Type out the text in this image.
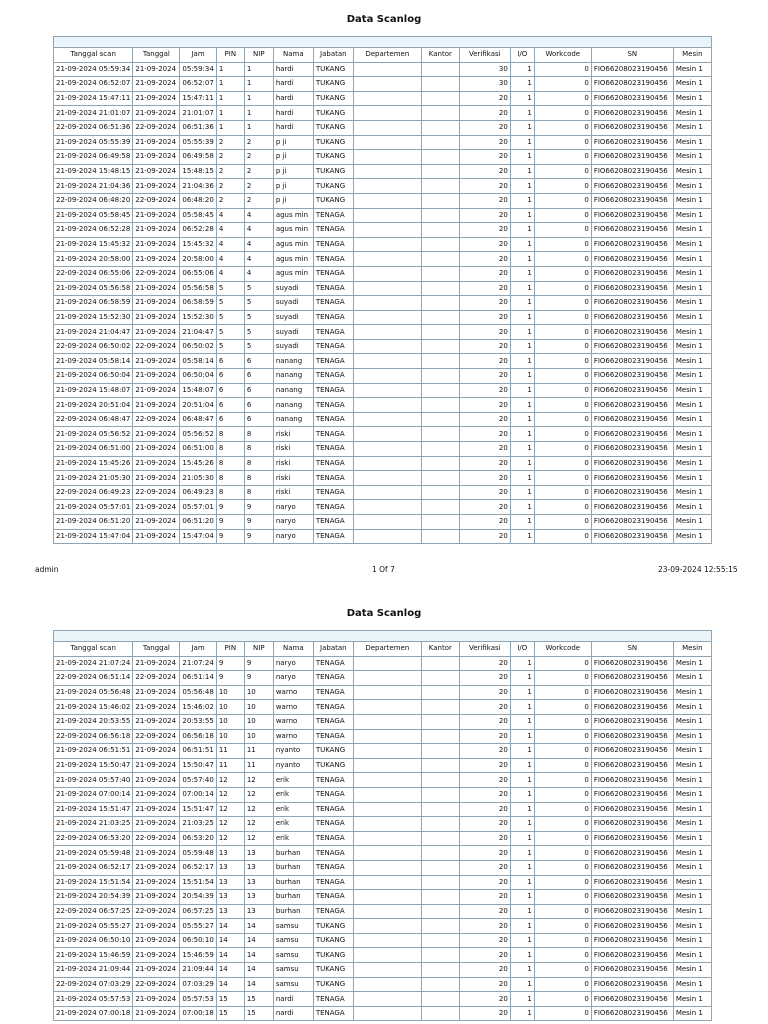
Data Scanlog

Tanggal scan	Tanggal	Jam	PIN	NIP	Nama	Jabatan	Departemen	Kantor	Verifikasi	I/O	Workcode	SN	Mesin
21-09-2024 05:59:34	21-09-2024	05:59:34	1	1	hardi	TUKANG			30	1	0	FIO66208023190456	Mesin 1
21-09-2024 06:52:07	21-09-2024	06:52:07	1	1	hardi	TUKANG			30	1	0	FIO66208023190456	Mesin 1
21-09-2024 15:47:11	21-09-2024	15:47:11	1	1	hardi	TUKANG			20	1	0	FIO66208023190456	Mesin 1
21-09-2024 21:01:07	21-09-2024	21:01:07	1	1	hardi	TUKANG			20	1	0	FIO66208023190456	Mesin 1
22-09-2024 06:51:36	22-09-2024	06:51:36	1	1	hardi	TUKANG			20	1	0	FIO66208023190456	Mesin 1
21-09-2024 05:55:39	21-09-2024	05:55:39	2	2	p ji	TUKANG			20	1	0	FIO66208023190456	Mesin 1
21-09-2024 06:49:58	21-09-2024	06:49:58	2	2	p ji	TUKANG			20	1	0	FIO66208023190456	Mesin 1
21-09-2024 15:48:15	21-09-2024	15:48:15	2	2	p ji	TUKANG			20	1	0	FIO66208023190456	Mesin 1
21-09-2024 21:04:36	21-09-2024	21:04:36	2	2	p ji	TUKANG			20	1	0	FIO66208023190456	Mesin 1
22-09-2024 06:48:20	22-09-2024	06:48:20	2	2	p ji	TUKANG			20	1	0	FIO66208023190456	Mesin 1
21-09-2024 05:58:45	21-09-2024	05:58:45	4	4	agus min	TENAGA			20	1	0	FIO66208023190456	Mesin 1
21-09-2024 06:52:28	21-09-2024	06:52:28	4	4	agus min	TENAGA			20	1	0	FIO66208023190456	Mesin 1
21-09-2024 15:45:32	21-09-2024	15:45:32	4	4	agus min	TENAGA			20	1	0	FIO66208023190456	Mesin 1
21-09-2024 20:58:00	21-09-2024	20:58:00	4	4	agus min	TENAGA			20	1	0	FIO66208023190456	Mesin 1
22-09-2024 06:55:06	22-09-2024	06:55:06	4	4	agus min	TENAGA			20	1	0	FIO66208023190456	Mesin 1
21-09-2024 05:56:58	21-09-2024	05:56:58	5	5	suyadi	TENAGA			20	1	0	FIO66208023190456	Mesin 1
21-09-2024 06:58:59	21-09-2024	06:58:59	5	5	suyadi	TENAGA			20	1	0	FIO66208023190456	Mesin 1
21-09-2024 15:52:30	21-09-2024	15:52:30	5	5	suyadi	TENAGA			20	1	0	FIO66208023190456	Mesin 1
21-09-2024 21:04:47	21-09-2024	21:04:47	5	5	suyadi	TENAGA			20	1	0	FIO66208023190456	Mesin 1
22-09-2024 06:50:02	22-09-2024	06:50:02	5	5	suyadi	TENAGA			20	1	0	FIO66208023190456	Mesin 1
21-09-2024 05:58:14	21-09-2024	05:58:14	6	6	nanang	TENAGA			20	1	0	FIO66208023190456	Mesin 1
21-09-2024 06:50:04	21-09-2024	06:50:04	6	6	nanang	TENAGA			20	1	0	FIO66208023190456	Mesin 1
21-09-2024 15:48:07	21-09-2024	15:48:07	6	6	nanang	TENAGA			20	1	0	FIO66208023190456	Mesin 1
21-09-2024 20:51:04	21-09-2024	20:51:04	6	6	nanang	TENAGA			20	1	0	FIO66208023190456	Mesin 1
22-09-2024 06:48:47	22-09-2024	06:48:47	6	6	nanang	TENAGA			20	1	0	FIO66208023190456	Mesin 1
21-09-2024 05:56:52	21-09-2024	05:56:52	8	8	riski	TENAGA			20	1	0	FIO66208023190456	Mesin 1
21-09-2024 06:51:00	21-09-2024	06:51:00	8	8	riski	TENAGA			20	1	0	FIO66208023190456	Mesin 1
21-09-2024 15:45:26	21-09-2024	15:45:26	8	8	riski	TENAGA			20	1	0	FIO66208023190456	Mesin 1
21-09-2024 21:05:30	21-09-2024	21:05:30	8	8	riski	TENAGA			20	1	0	FIO66208023190456	Mesin 1
22-09-2024 06:49:23	22-09-2024	06:49:23	8	8	riski	TENAGA			20	1	0	FIO66208023190456	Mesin 1
21-09-2024 05:57:01	21-09-2024	05:57:01	9	9	naryo	TENAGA			20	1	0	FIO66208023190456	Mesin 1
21-09-2024 06:51:20	21-09-2024	06:51:20	9	9	naryo	TENAGA			20	1	0	FIO66208023190456	Mesin 1
21-09-2024 15:47:04	21-09-2024	15:47:04	9	9	naryo	TENAGA			20	1	0	FIO66208023190456	Mesin 1
admin	1 Of 7	23-09-2024 12:55:15
Data Scanlog

Tanggal scan	Tanggal	Jam	PIN	NIP	Nama	Jabatan	Departemen	Kantor	Verifikasi	I/O	Workcode	SN	Mesin
21-09-2024 21:07:24	21-09-2024	21:07:24	9	9	naryo	TENAGA			20	1	0	FIO66208023190456	Mesin 1
22-09-2024 06:51:14	22-09-2024	06:51:14	9	9	naryo	TENAGA			20	1	0	FIO66208023190456	Mesin 1
21-09-2024 05:56:48	21-09-2024	05:56:48	10	10	warno	TENAGA			20	1	0	FIO66208023190456	Mesin 1
21-09-2024 15:46:02	21-09-2024	15:46:02	10	10	warno	TENAGA			20	1	0	FIO66208023190456	Mesin 1
21-09-2024 20:53:55	21-09-2024	20:53:55	10	10	warno	TENAGA			20	1	0	FIO66208023190456	Mesin 1
22-09-2024 06:56:18	22-09-2024	06:56:18	10	10	warno	TENAGA			20	1	0	FIO66208023190456	Mesin 1
21-09-2024 06:51:51	21-09-2024	06:51:51	11	11	nyanto	TUKANG			20	1	0	FIO66208023190456	Mesin 1
21-09-2024 15:50:47	21-09-2024	15:50:47	11	11	nyanto	TUKANG			20	1	0	FIO66208023190456	Mesin 1
21-09-2024 05:57:40	21-09-2024	05:57:40	12	12	erik	TENAGA			20	1	0	FIO66208023190456	Mesin 1
21-09-2024 07:00:14	21-09-2024	07:00:14	12	12	erik	TENAGA			20	1	0	FIO66208023190456	Mesin 1
21-09-2024 15:51:47	21-09-2024	15:51:47	12	12	erik	TENAGA			20	1	0	FIO66208023190456	Mesin 1
21-09-2024 21:03:25	21-09-2024	21:03:25	12	12	erik	TENAGA			20	1	0	FIO66208023190456	Mesin 1
22-09-2024 06:53:20	22-09-2024	06:53:20	12	12	erik	TENAGA			20	1	0	FIO66208023190456	Mesin 1
21-09-2024 05:59:48	21-09-2024	05:59:48	13	13	burhan	TENAGA			20	1	0	FIO66208023190456	Mesin 1
21-09-2024 06:52:17	21-09-2024	06:52:17	13	13	burhan	TENAGA			20	1	0	FIO66208023190456	Mesin 1
21-09-2024 15:51:54	21-09-2024	15:51:54	13	13	burhan	TENAGA			20	1	0	FIO66208023190456	Mesin 1
21-09-2024 20:54:39	21-09-2024	20:54:39	13	13	burhan	TENAGA			20	1	0	FIO66208023190456	Mesin 1
22-09-2024 06:57:25	22-09-2024	06:57:25	13	13	burhan	TENAGA			20	1	0	FIO66208023190456	Mesin 1
21-09-2024 05:55:27	21-09-2024	05:55:27	14	14	samsu	TUKANG			20	1	0	FIO66208023190456	Mesin 1
21-09-2024 06:50:10	21-09-2024	06:50:10	14	14	samsu	TUKANG			20	1	0	FIO66208023190456	Mesin 1
21-09-2024 15:46:59	21-09-2024	15:46:59	14	14	samsu	TUKANG			20	1	0	FIO66208023190456	Mesin 1
21-09-2024 21:09:44	21-09-2024	21:09:44	14	14	samsu	TUKANG			20	1	0	FIO66208023190456	Mesin 1
22-09-2024 07:03:29	22-09-2024	07:03:29	14	14	samsu	TUKANG			20	1	0	FIO66208023190456	Mesin 1
21-09-2024 05:57:53	21-09-2024	05:57:53	15	15	nardi	TENAGA			20	1	0	FIO66208023190456	Mesin 1
21-09-2024 07:00:18	21-09-2024	07:00:18	15	15	nardi	TENAGA			20	1	0	FIO66208023190456	Mesin 1
